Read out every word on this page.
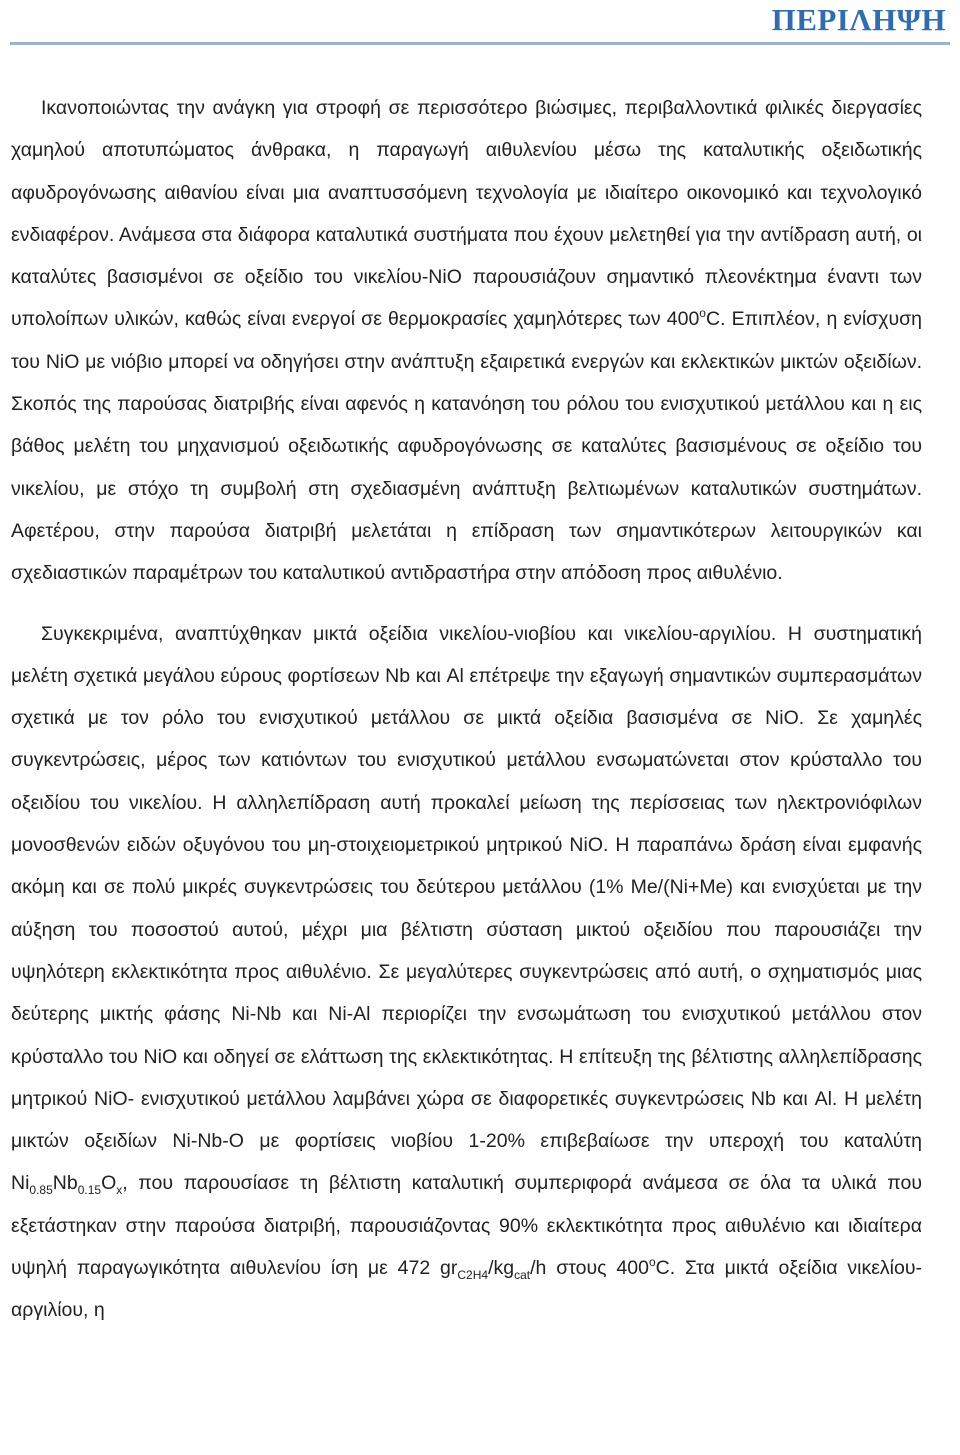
ΠΕΡΙΛΗΨΗ

Ικανοποιώντας την ανάγκη για στροφή σε περισσότερο βιώσιμες, περιβαλλοντικά φιλικές διεργασίες χαμηλού αποτυπώματος άνθρακα, η παραγωγή αιθυλενίου μέσω της καταλυτικής οξειδωτικής αφυδρογόνωσης αιθανίου είναι μια αναπτυσσόμενη τεχνολογία με ιδιαίτερο οικονομικό και τεχνολογικό ενδιαφέρον. Ανάμεσα στα διάφορα καταλυτικά συστήματα που έχουν μελετηθεί για την αντίδραση αυτή, οι καταλύτες βασισμένοι σε οξείδιο του νικελίου-NiO παρουσιάζουν σημαντικό πλεονέκτημα έναντι των υπολοίπων υλικών, καθώς είναι ενεργοί σε θερμοκρασίες χαμηλότερες των 400$^o$C. Επιπλέον, η ενίσχυση του NiO με νιόβιο μπορεί να οδηγήσει στην ανάπτυξη εξαιρετικά ενεργών και εκλεκτικών μικτών οξειδίων. Σκοπός της παρούσας διατριβής είναι αφενός η κατανόηση του ρόλου του ενισχυτικού μετάλλου και η εις βάθος μελέτη του μηχανισμού οξειδωτικής αφυδρογόνωσης σε καταλύτες βασισμένους σε οξείδιο του νικελίου, με στόχο τη συμβολή στη σχεδιασμένη ανάπτυξη βελτιωμένων καταλυτικών συστημάτων. Αφετέρου, στην παρούσα διατριβή μελετάται η επίδραση των σημαντικότερων λειτουργικών και σχεδιαστικών παραμέτρων του καταλυτικού αντιδραστήρα στην απόδοση προς αιθυλένιο.

Συγκεκριμένα, αναπτύχθηκαν μικτά οξείδια νικελίου-νιοβίου και νικελίου-αργιλίου. Η συστηματική μελέτη σχετικά μεγάλου εύρους φορτίσεων Nb και Al επέτρεψε την εξαγωγή σημαντικών συμπερασμάτων σχετικά με τον ρόλο του ενισχυτικού μετάλλου σε μικτά οξείδια βασισμένα σε NiO. Σε χαμηλές συγκεντρώσεις, μέρος των κατιόντων του ενισχυτικού μετάλλου ενσωματώνεται στον κρύσταλλο του οξειδίου του νικελίου. Η αλληλεπίδραση αυτή προκαλεί μείωση της περίσσειας των ηλεκτρονιόφιλων μονοσθενών ειδών οξυγόνου του μη-στοιχειομετρικού μητρικού NiO. Η παραπάνω δράση είναι εμφανής ακόμη και σε πολύ μικρές συγκεντρώσεις του δεύτερου μετάλλου (1% Me/(Ni+Me) και ενισχύεται με την αύξηση του ποσοστού αυτού, μέχρι μια βέλτιστη σύσταση μικτού οξειδίου που παρουσιάζει την υψηλότερη εκλεκτικότητα προς αιθυλένιο. Σε μεγαλύτερες συγκεντρώσεις από αυτή, ο σχηματισμός μιας δεύτερης μικτής φάσης Ni-Nb και Ni-Al περιορίζει την ενσωμάτωση του ενισχυτικού μετάλλου στον κρύσταλλο του NiO και οδηγεί σε ελάττωση της εκλεκτικότητας. Η επίτευξη της βέλτιστης αλληλεπίδρασης μητρικού NiO- ενισχυτικού μετάλλου λαμβάνει χώρα σε διαφορετικές συγκεντρώσεις Nb και Al. Η μελέτη μικτών οξειδίων Ni-Nb-O με φορτίσεις νιοβίου 1-20% επιβεβαίωσε την υπεροχή του καταλύτη $Ni_{0.85}Nb_{0.15}O_x$, που παρουσίασε τη βέλτιστη καταλυτική συμπεριφορά ανάμεσα σε όλα τα υλικά που εξετάστηκαν στην παρούσα διατριβή, παρουσιάζοντας 90% εκλεκτικότητα προς αιθυλένιο και ιδιαίτερα υψηλή παραγωγικότητα αιθυλενίου ίση με 472 $gr_{C2H4}/kg_{cat}/h$ στους 400$^o$C. Στα μικτά οξείδια νικελίου-αργιλίου, η
